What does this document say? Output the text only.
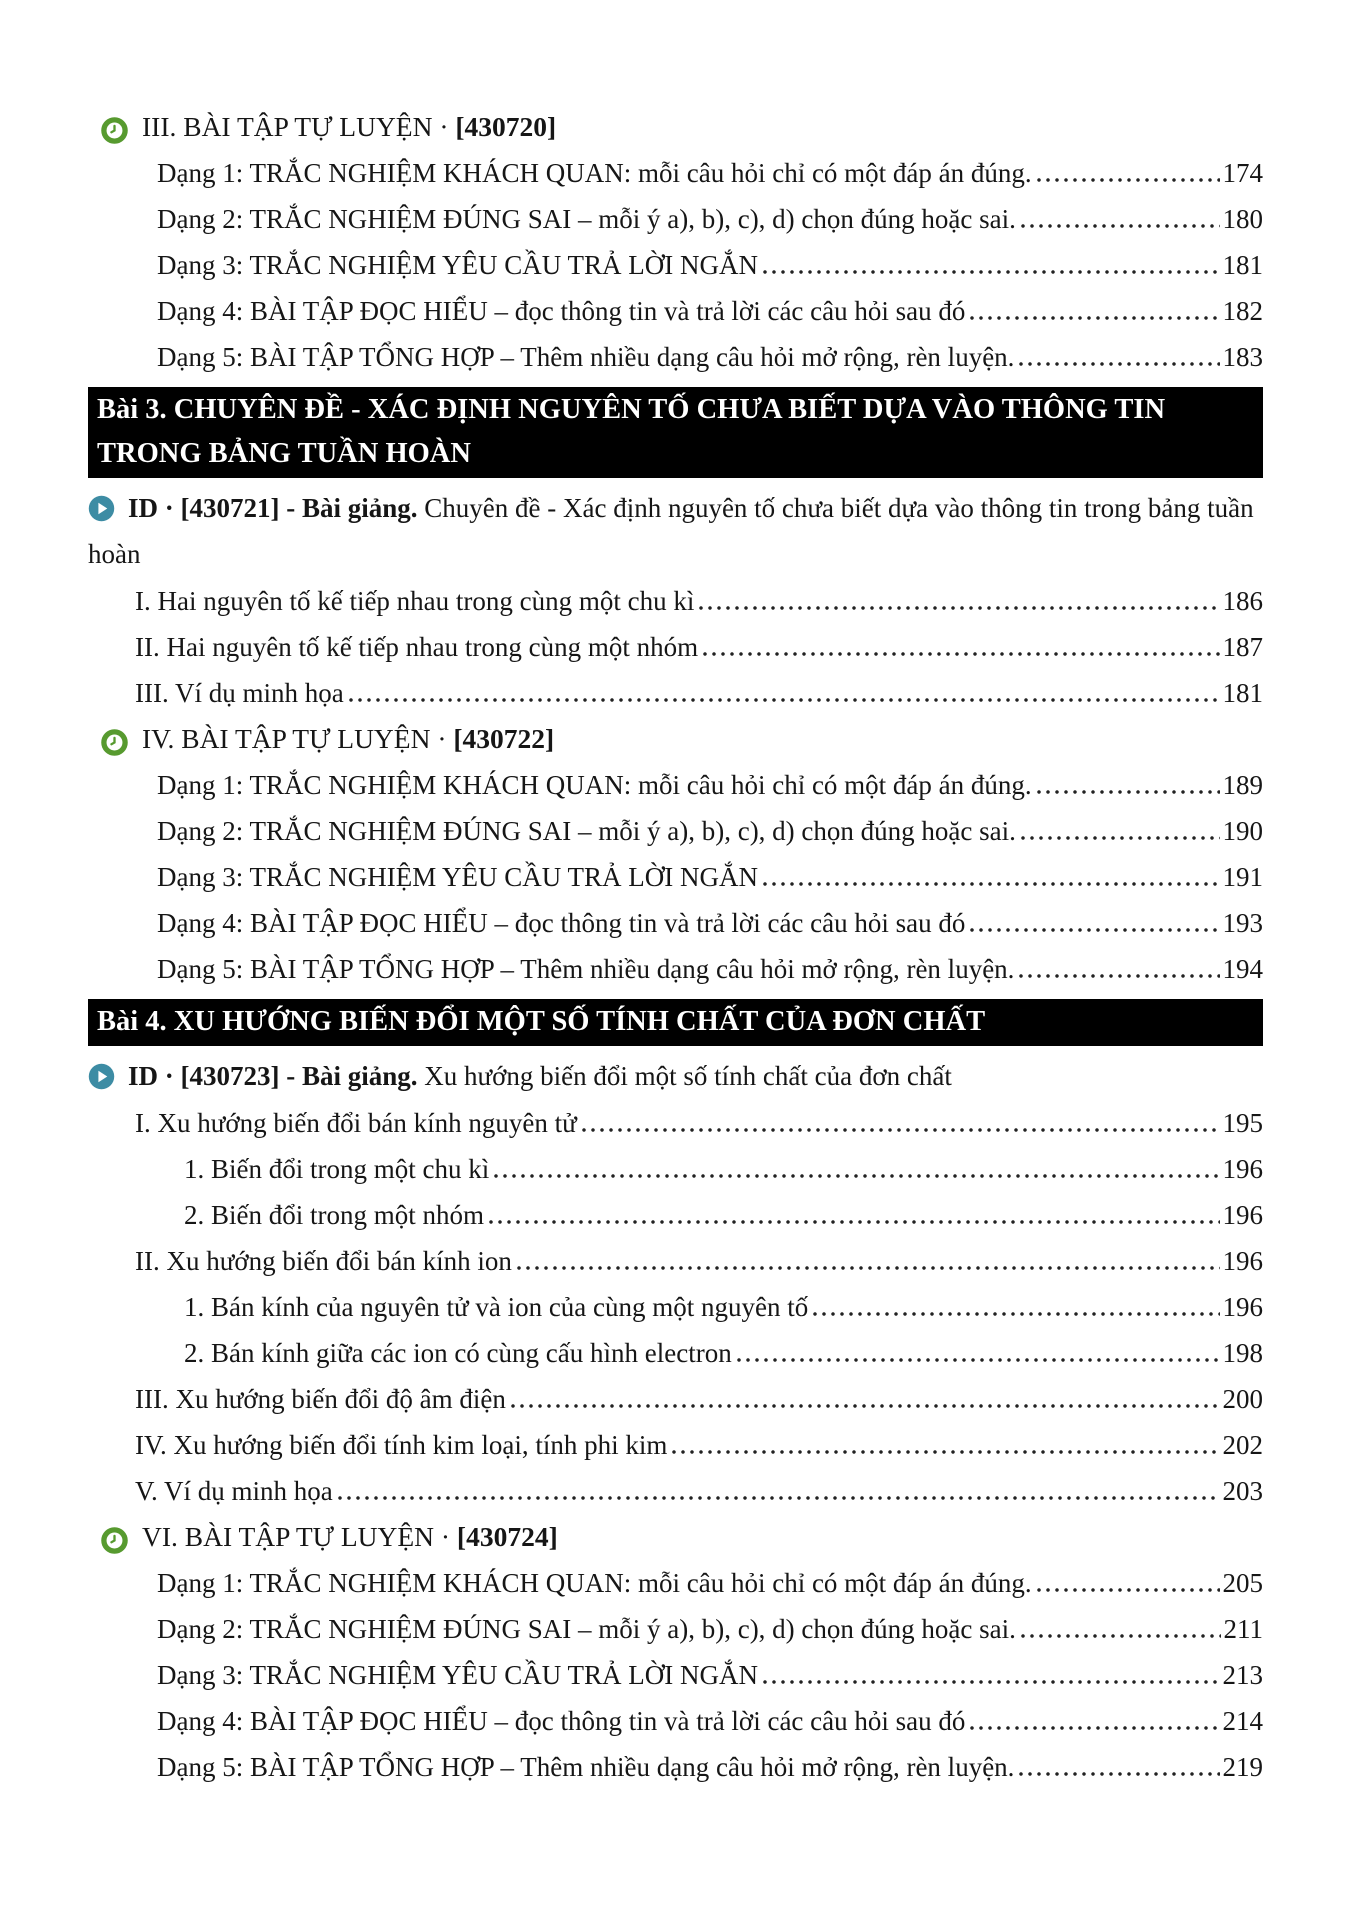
III. BÀI TẬP TỰ LUYỆN · [430720]
Dạng 1: TRẮC NGHIỆM KHÁCH QUAN: mỗi câu hỏi chỉ có một đáp án đúng.	174
Dạng 2: TRẮC NGHIỆM ĐÚNG SAI – mỗi ý a), b), c), d) chọn đúng hoặc sai.	180
Dạng 3: TRẮC NGHIỆM YÊU CẦU TRẢ LỜI NGẮN	181
Dạng 4: BÀI TẬP ĐỌC HIỂU – đọc thông tin và trả lời các câu hỏi sau đó	182
Dạng 5: BÀI TẬP TỔNG HỢP – Thêm nhiều dạng câu hỏi mở rộng, rèn luyện.	183
Bài 3. CHUYÊN ĐỀ - XÁC ĐỊNH NGUYÊN TỐ CHƯA BIẾT DỰA VÀO THÔNG TIN
TRONG BẢNG TUẦN HOÀN
ID · [430721] - Bài giảng. Chuyên đề - Xác định nguyên tố chưa biết dựa vào thông tin trong bảng tuần hoàn
I. Hai nguyên tố kế tiếp nhau trong cùng một chu kì	186
II. Hai nguyên tố kế tiếp nhau trong cùng một nhóm	187
III. Ví dụ minh họa	181
IV. BÀI TẬP TỰ LUYỆN · [430722]
Dạng 1: TRẮC NGHIỆM KHÁCH QUAN: mỗi câu hỏi chỉ có một đáp án đúng.	189
Dạng 2: TRẮC NGHIỆM ĐÚNG SAI – mỗi ý a), b), c), d) chọn đúng hoặc sai.	190
Dạng 3: TRẮC NGHIỆM YÊU CẦU TRẢ LỜI NGẮN	191
Dạng 4: BÀI TẬP ĐỌC HIỂU – đọc thông tin và trả lời các câu hỏi sau đó	193
Dạng 5: BÀI TẬP TỔNG HỢP – Thêm nhiều dạng câu hỏi mở rộng, rèn luyện.	194
Bài 4. XU HƯỚNG BIẾN ĐỔI MỘT SỐ TÍNH CHẤT CỦA ĐƠN CHẤT
ID · [430723] - Bài giảng. Xu hướng biến đổi một số tính chất của đơn chất
I. Xu hướng biến đổi bán kính nguyên tử	195
1. Biến đổi trong một chu kì	196
2. Biến đổi trong một nhóm	196
II. Xu hướng biến đổi bán kính ion	196
1. Bán kính của nguyên tử và ion của cùng một nguyên tố	196
2. Bán kính giữa các ion có cùng cấu hình electron	198
III. Xu hướng biến đổi độ âm điện	200
IV. Xu hướng biến đổi tính kim loại, tính phi kim	202
V. Ví dụ minh họa	203
VI. BÀI TẬP TỰ LUYỆN · [430724]
Dạng 1: TRẮC NGHIỆM KHÁCH QUAN: mỗi câu hỏi chỉ có một đáp án đúng.	205
Dạng 2: TRẮC NGHIỆM ĐÚNG SAI – mỗi ý a), b), c), d) chọn đúng hoặc sai.	211
Dạng 3: TRẮC NGHIỆM YÊU CẦU TRẢ LỜI NGẮN	213
Dạng 4: BÀI TẬP ĐỌC HIỂU – đọc thông tin và trả lời các câu hỏi sau đó	214
Dạng 5: BÀI TẬP TỔNG HỢP – Thêm nhiều dạng câu hỏi mở rộng, rèn luyện.	219
